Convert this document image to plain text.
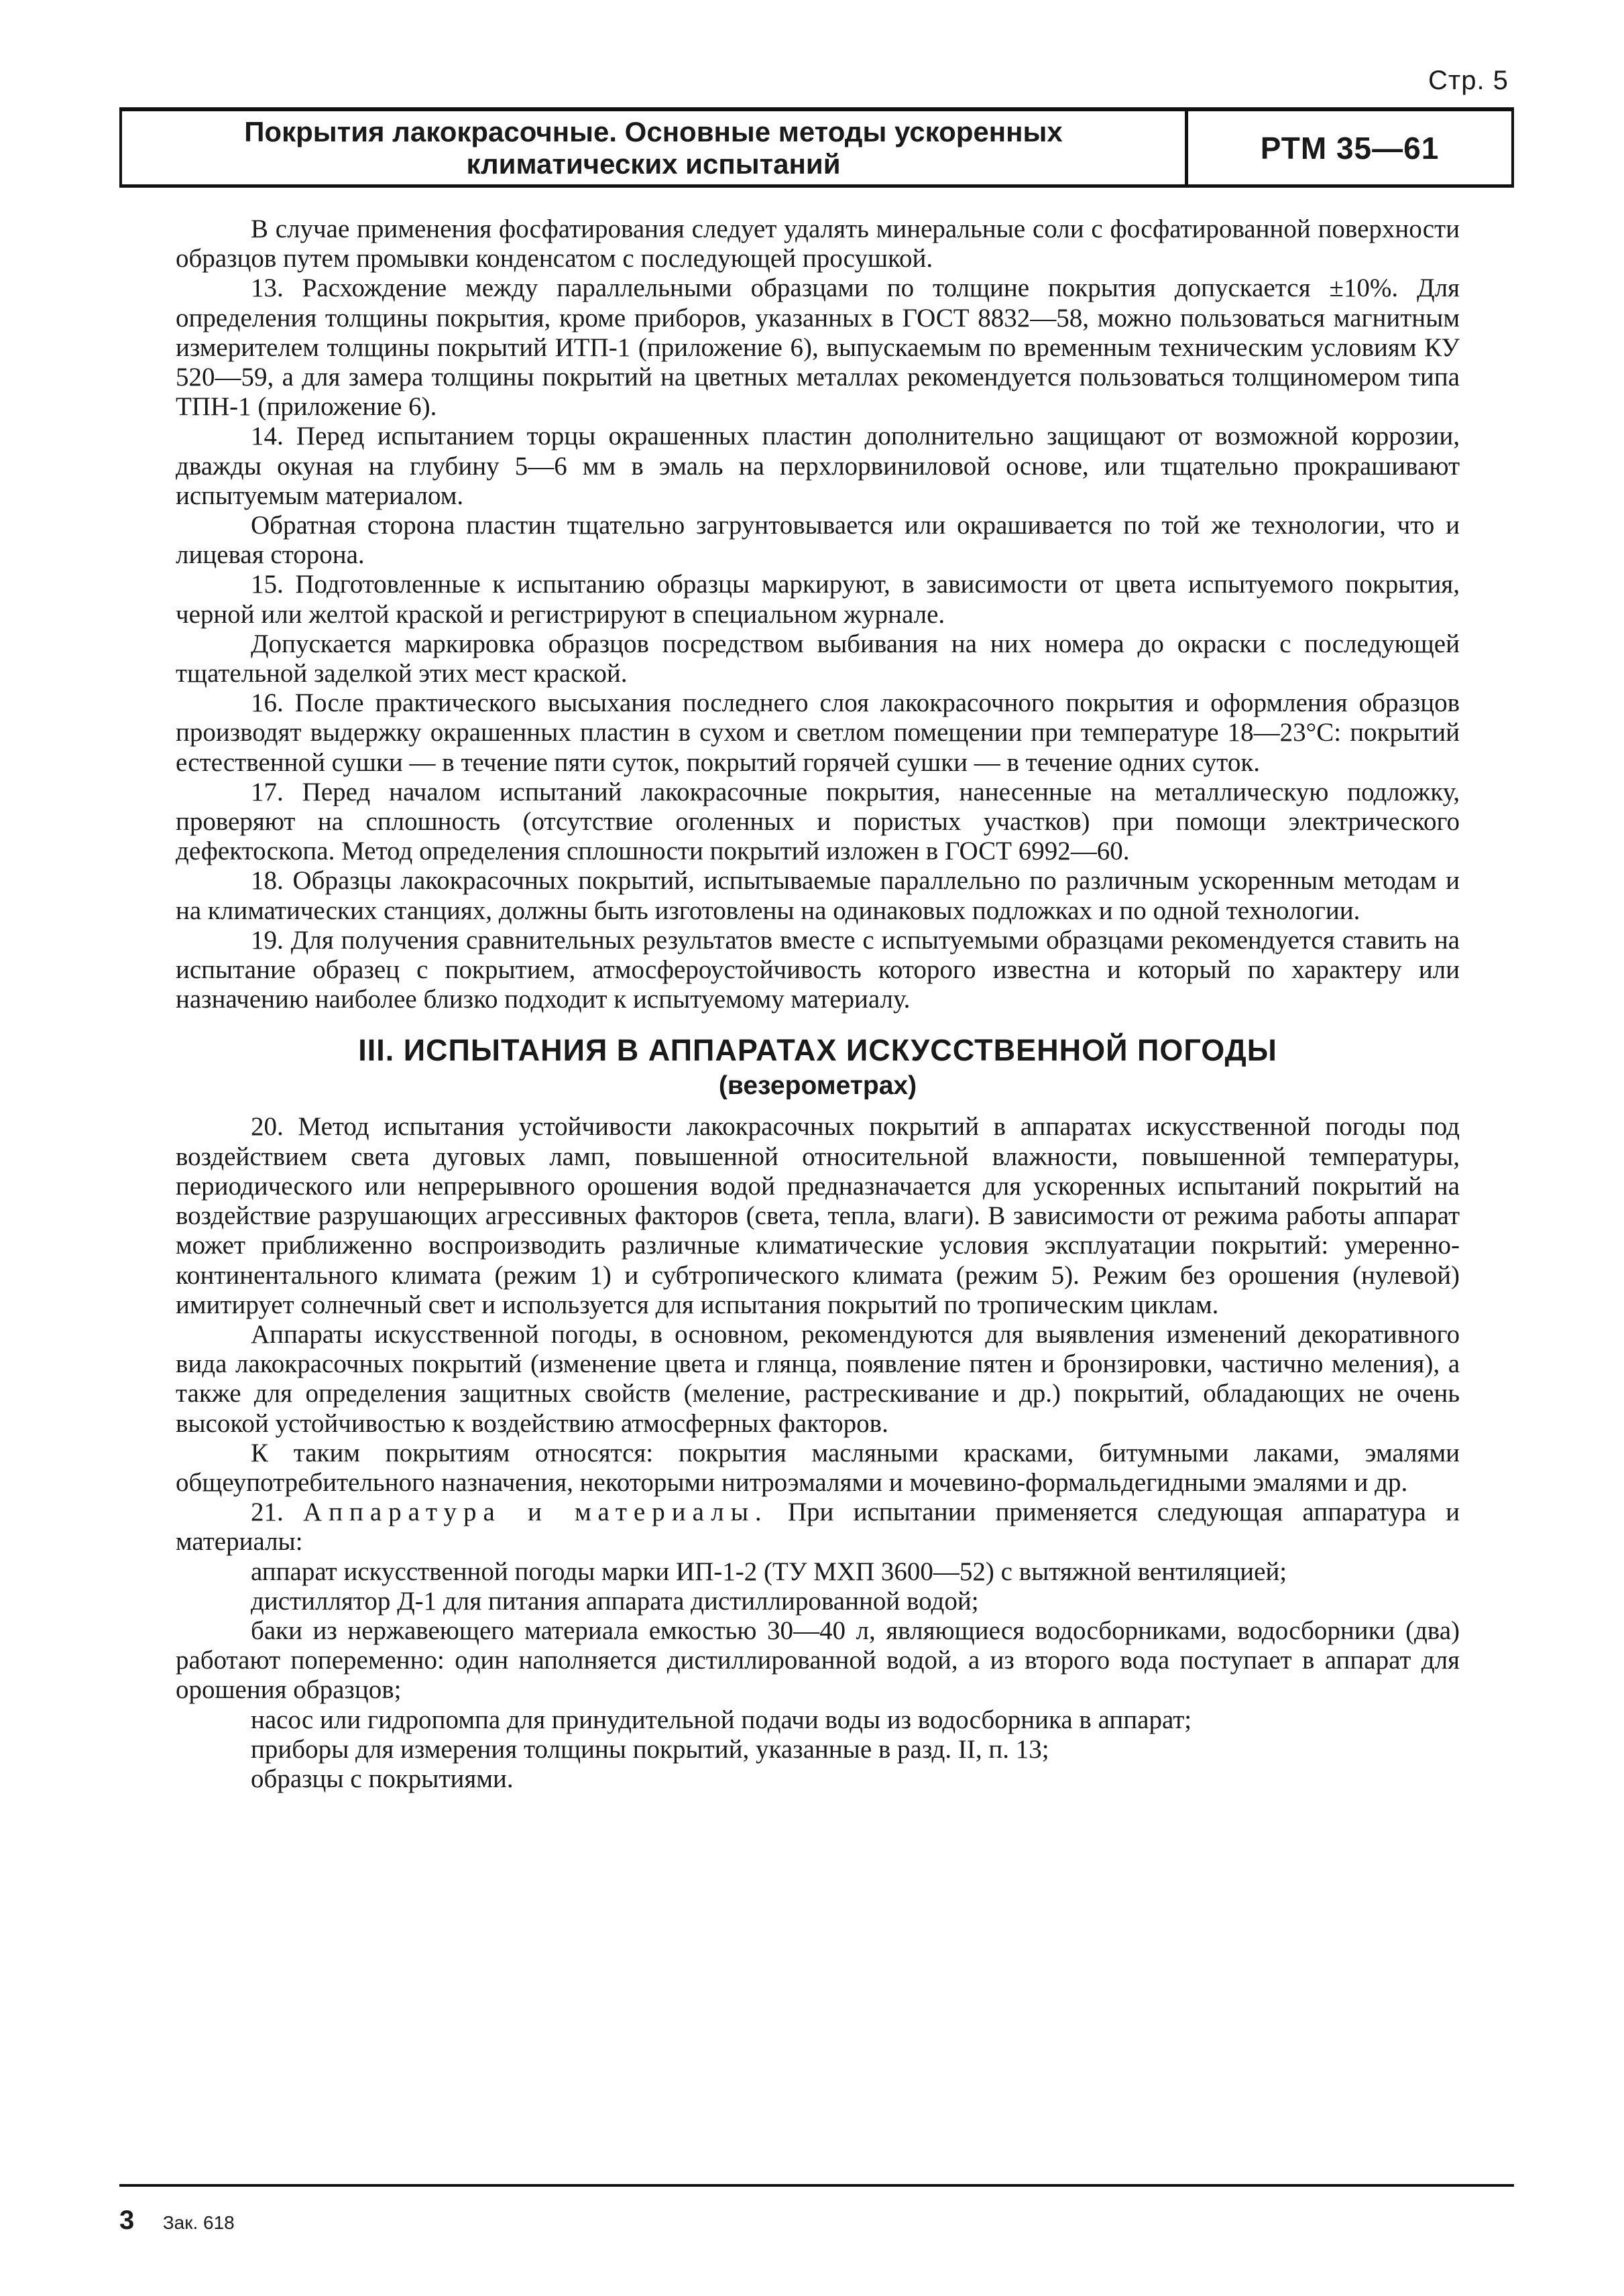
Стр. 5
Покрытия лакокрасочные. Основные методы ускоренных
климатических испытаний	РТМ 35—61

В случае применения фосфатирования следует удалять минеральные соли с фосфатированной поверхности образцов путем промывки конденсатом с последующей просушкой.

13. Расхождение между параллельными образцами по толщине покрытия допускается ±10%. Для определения толщины покрытия, кроме приборов, указанных в ГОСТ 8832—58, можно пользоваться магнитным измерителем толщины покрытий ИТП-1 (приложение 6), выпускаемым по временным техническим условиям КУ 520—59, а для замера толщины покрытий на цветных металлах рекомендуется пользоваться толщиномером типа ТПН-1 (приложение 6).

14. Перед испытанием торцы окрашенных пластин дополнительно защищают от возможной коррозии, дважды окуная на глубину 5—6 мм в эмаль на перхлорвиниловой основе, или тщательно прокрашивают испытуемым материалом.

Обратная сторона пластин тщательно загрунтовывается или окрашивается по той же технологии, что и лицевая сторона.

15. Подготовленные к испытанию образцы маркируют, в зависимости от цвета испытуемого покрытия, черной или желтой краской и регистрируют в специальном журнале.

Допускается маркировка образцов посредством выбивания на них номера до окраски с последующей тщательной заделкой этих мест краской.

16. После практического высыхания последнего слоя лакокрасочного покрытия и оформления образцов производят выдержку окрашенных пластин в сухом и светлом помещении при температуре 18—23°С: покрытий естественной сушки — в течение пяти суток, покрытий горячей сушки — в течение одних суток.

17. Перед началом испытаний лакокрасочные покрытия, нанесенные на металлическую подложку, проверяют на сплошность (отсутствие оголенных и пористых участков) при помощи электрического дефектоскопа. Метод определения сплошности покрытий изложен в ГОСТ 6992—60.

18. Образцы лакокрасочных покрытий, испытываемые параллельно по различным ускоренным методам и на климатических станциях, должны быть изготовлены на одинаковых подложках и по одной технологии.

19. Для получения сравнительных результатов вместе с испытуемыми образцами рекомендуется ставить на испытание образец с покрытием, атмосфероустойчивость которого известна и который по характеру или назначению наиболее близко подходит к испытуемому материалу.

III. ИСПЫТАНИЯ В АППАРАТАХ ИСКУССТВЕННОЙ ПОГОДЫ
(везерометрах)

20. Метод испытания устойчивости лакокрасочных покрытий в аппаратах искусственной погоды под воздействием света дуговых ламп, повышенной относительной влажности, повышенной температуры, периодического или непрерывного орошения водой предназначается для ускоренных испытаний покрытий на воздействие разрушающих агрессивных факторов (света, тепла, влаги). В зависимости от режима работы аппарат может приближенно воспроизводить различные климатические условия эксплуатации покрытий: умеренно-континентального климата (режим 1) и субтропического климата (режим 5). Режим без орошения (нулевой) имитирует солнечный свет и используется для испытания покрытий по тропическим циклам.

Аппараты искусственной погоды, в основном, рекомендуются для выявления изменений декоративного вида лакокрасочных покрытий (изменение цвета и глянца, появление пятен и бронзировки, частично меления), а также для определения защитных свойств (меление, растрескивание и др.) покрытий, обладающих не очень высокой устойчивостью к воздействию атмосферных факторов.

К таким покрытиям относятся: покрытия масляными красками, битумными лаками, эмалями общеупотребительного назначения, некоторыми нитроэмалями и мочевино-формальдегидными эмалями и др.

21. Аппаратура и материалы. При испытании применяется следующая аппаратура и материалы:

аппарат искусственной погоды марки ИП-1-2 (ТУ МХП 3600—52) с вытяжной вентиляцией;

дистиллятор Д-1 для питания аппарата дистиллированной водой;

баки из нержавеющего материала емкостью 30—40 л, являющиеся водосборниками, водосборники (два) работают попеременно: один наполняется дистиллированной водой, а из второго вода поступает в аппарат для орошения образцов;

насос или гидропомпа для принудительной подачи воды из водосборника в аппарат;

приборы для измерения толщины покрытий, указанные в разд. II, п. 13;

образцы с покрытиями.

3 Зак. 618
